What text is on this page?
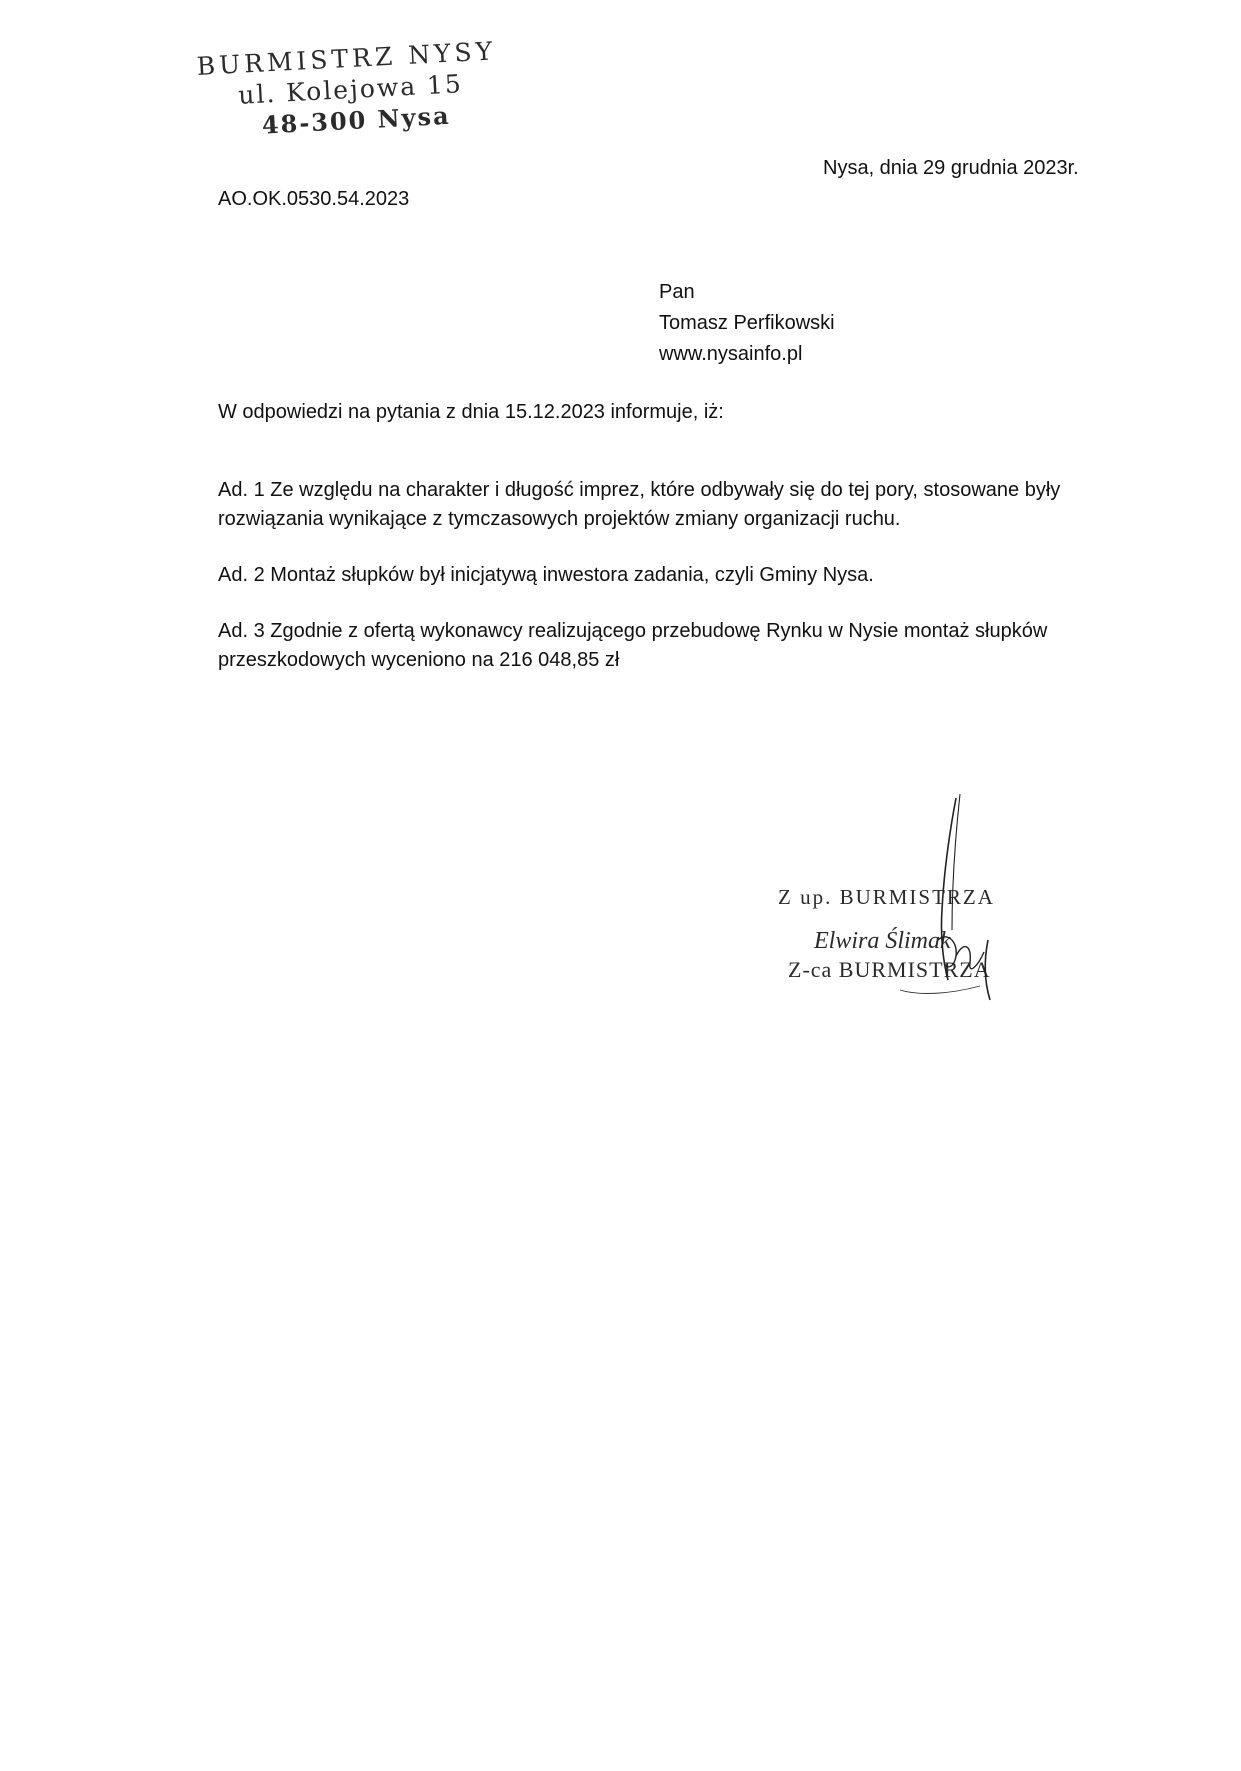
BURMISTRZ NYSY
ul. Kolejowa 15
48-300 Nysa
Nysa, dnia 29 grudnia 2023r.
AO.OK.0530.54.2023
Pan
Tomasz Perfikowski
www.nysainfo.pl
W odpowiedzi na pytania z dnia 15.12.2023 informuje, iż:
Ad. 1 Ze względu na charakter i długość imprez, które odbywały się do tej pory, stosowane były rozwiązania wynikające z tymczasowych projektów zmiany organizacji ruchu.
Ad. 2 Montaż słupków był inicjatywą inwestora zadania, czyli Gminy Nysa.
Ad. 3 Zgodnie z ofertą wykonawcy realizującego przebudowę Rynku w Nysie montaż słupków przeszkodowych wyceniono na 216 048,85 zł
Z up. BURMISTRZA
Elwira Ślimak
Z-ca BURMISTRZA
